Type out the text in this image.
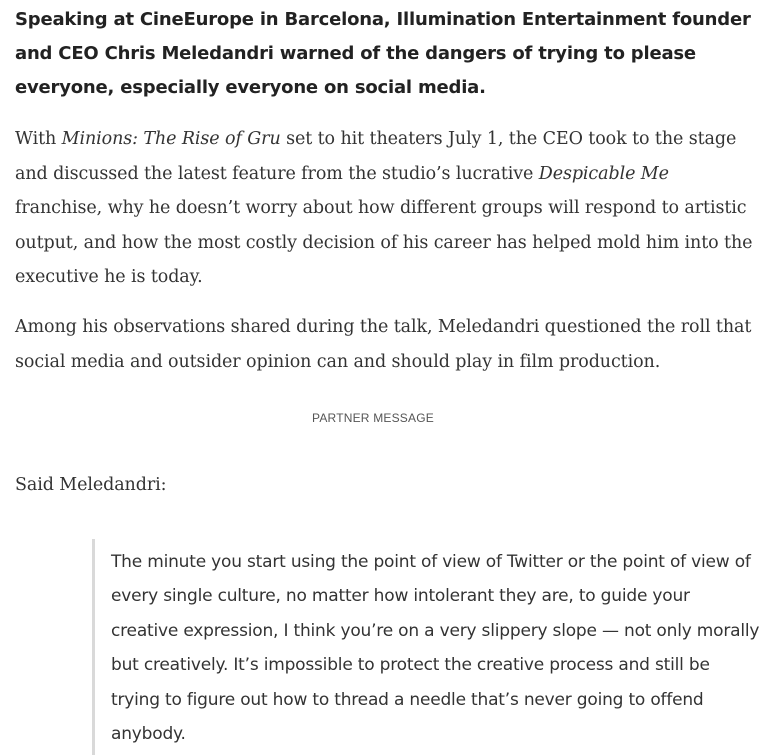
Speaking at CineEurope in Barcelona, Illumination Entertainment founder and CEO Chris Meledandri warned of the dangers of trying to please everyone, especially everyone on social media.

With Minions: The Rise of Gru set to hit theaters July 1, the CEO took to the stage and discussed the latest feature from the studio’s lucrative Despicable Me franchise, why he doesn’t worry about how different groups will respond to artistic output, and how the most costly decision of his career has helped mold him into the executive he is today.

Among his observations shared during the talk, Meledandri questioned the roll that social media and outsider opinion can and should play in film production.

PARTNER MESSAGE

Said Meledandri:

The minute you start using the point of view of Twitter or the point of view of every single culture, no matter how intolerant they are, to guide your creative expression, I think you’re on a very slippery slope — not only morally but creatively. It’s impossible to protect the creative process and still be trying to figure out how to thread a needle that’s never going to offend anybody.
